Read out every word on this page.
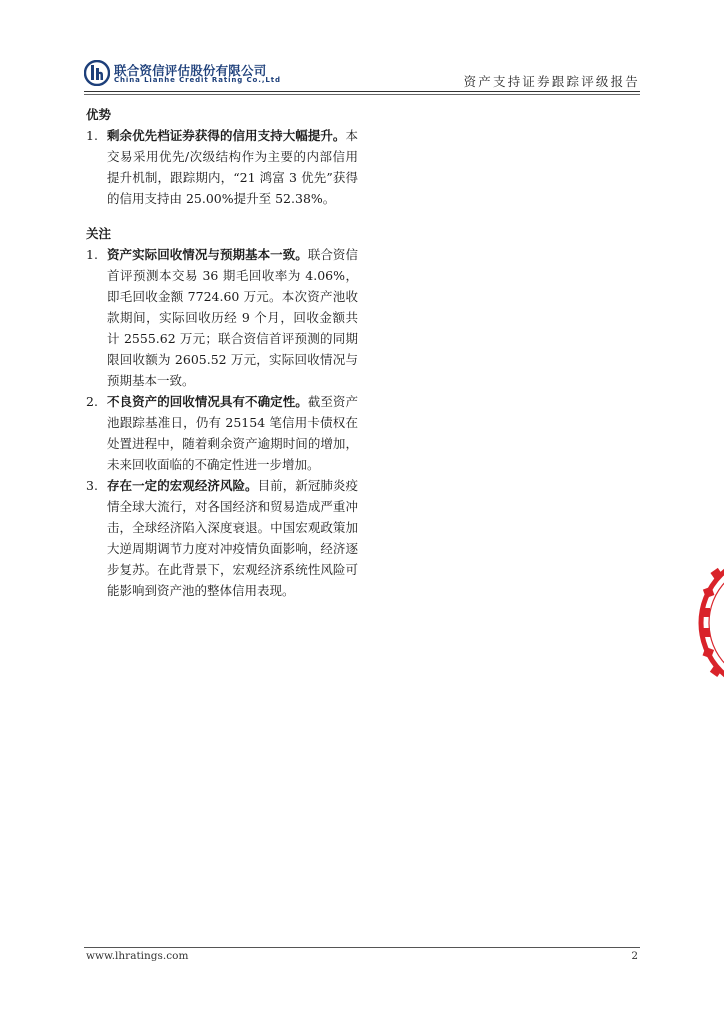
联合资信评估股份有限公司
China Lianhe Credit Rating Co.,Ltd	资产支持证券跟踪评级报告

优势

1. 剩余优先档证券获得的信用支持大幅提升。本交易采用优先/次级结构作为主要的内部信用提升机制，跟踪期内，“21 鸿富 3 优先”获得的信用支持由 25.00%提升至 52.38%。

关注

1. 资产实际回收情况与预期基本一致。联合资信首评预测本交易 36 期毛回收率为 4.06%，即毛回收金额 7724.60 万元。本次资产池收款期间，实际回收历经 9 个月，回收金额共计 2555.62 万元；联合资信首评预测的同期限回收额为 2605.52 万元，实际回收情况与预期基本一致。
2. 不良资产的回收情况具有不确定性。截至资产池跟踪基准日，仍有 25154 笔信用卡债权在处置进程中，随着剩余资产逾期时间的增加，未来回收面临的不确定性进一步增加。
3. 存在一定的宏观经济风险。目前，新冠肺炎疫情全球大流行，对各国经济和贸易造成严重冲击，全球经济陷入深度衰退。中国宏观政策加大逆周期调节力度对冲疫情负面影响，经济逐步复苏。在此背景下，宏观经济系统性风险可能影响到资产池的整体信用表现。
www.lhratings.com	2
